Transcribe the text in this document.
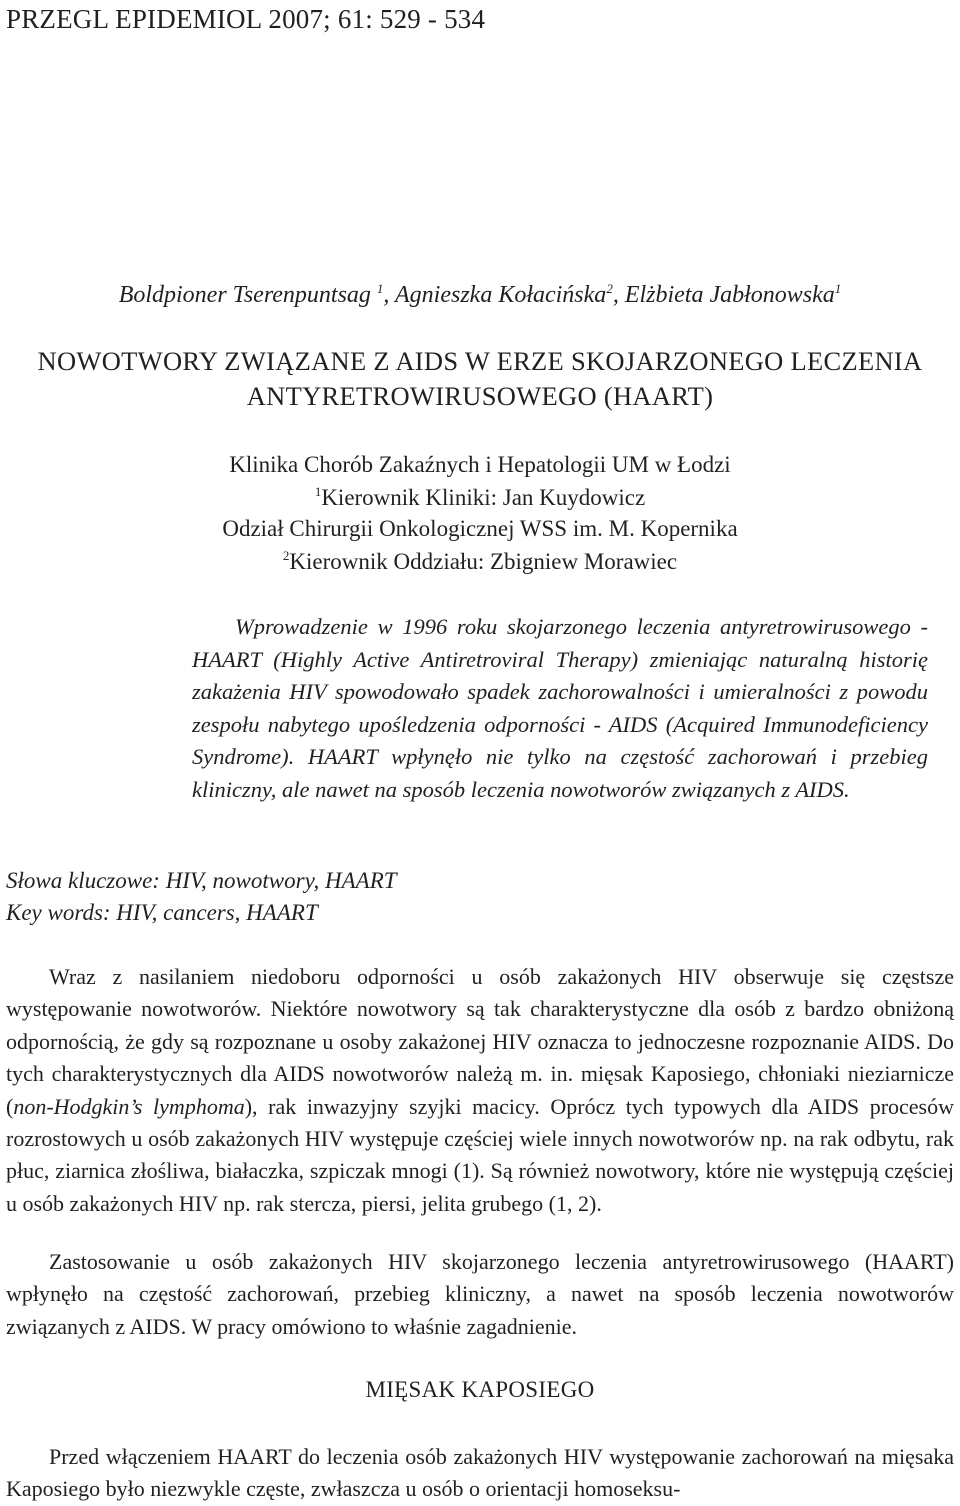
PRZEGL EPIDEMIOL 2007; 61: 529 - 534
Boldpioner Tserenpuntsag $^1$, Agnieszka Kołacińska$^2$, Elżbieta Jabłonowska$^1$
NOWOTWORY ZWIĄZANE Z AIDS W ERZE SKOJARZONEGO LECZENIA
ANTYRETROWIRUSOWEGO (HAART)
Klinika Chorób Zakaźnych i Hepatologii UM w Łodzi
$^1$Kierownik Kliniki: Jan Kuydowicz
Odział Chirurgii Onkologicznej WSS im. M. Kopernika
$^2$Kierownik Oddziału: Zbigniew Morawiec

Wprowadzenie w 1996 roku skojarzonego leczenia antyretrowirusowego - HAART (Highly Active Antiretroviral Therapy) zmieniając naturalną historię zakażenia HIV spowodowało spadek zachorowalności i umieralności z powodu zespołu nabytego upośledzenia odporności - AIDS (Acquired Immunodeficiency Syndrome). HAART wpłynęło nie tylko na częstość zachorowań i przebieg kliniczny, ale nawet na sposób leczenia nowotworów związanych z AIDS.

Słowa kluczowe: HIV, nowotwory, HAART
Key words: HIV, cancers, HAART

Wraz z nasilaniem niedoboru odporności u osób zakażonych HIV obserwuje się częstsze występowanie nowotworów. Niektóre nowotwory są tak charakterystyczne dla osób z bardzo obniżoną odpornością, że gdy są rozpoznane u osoby zakażonej HIV oznacza to jednoczesne rozpoznanie AIDS. Do tych charakterystycznych dla AIDS nowotworów należą m. in. mięsak Kaposiego, chłoniaki nieziarnicze (non-Hodgkin’s lymphoma), rak inwazyjny szyjki macicy. Oprócz tych typowych dla AIDS procesów rozrostowych u osób zakażonych HIV występuje częściej wiele innych nowotworów np. na rak odbytu, rak płuc, ziarnica złośliwa, białaczka, szpiczak mnogi (1). Są również nowotwory, które nie występują częściej u osób zakażonych HIV np. rak stercza, piersi, jelita grubego (1, 2).

Zastosowanie u osób zakażonych HIV skojarzonego leczenia antyretrowirusowego (HAART) wpłynęło na częstość zachorowań, przebieg kliniczny, a nawet na sposób leczenia nowotworów związanych z AIDS. W pracy omówiono to właśnie zagadnienie.

MIĘSAK KAPOSIEGO

Przed włączeniem HAART do leczenia osób zakażonych HIV występowanie zachorowań na mięsaka Kaposiego było niezwykle częste, zwłaszcza u osób o orientacji homoseksu-
